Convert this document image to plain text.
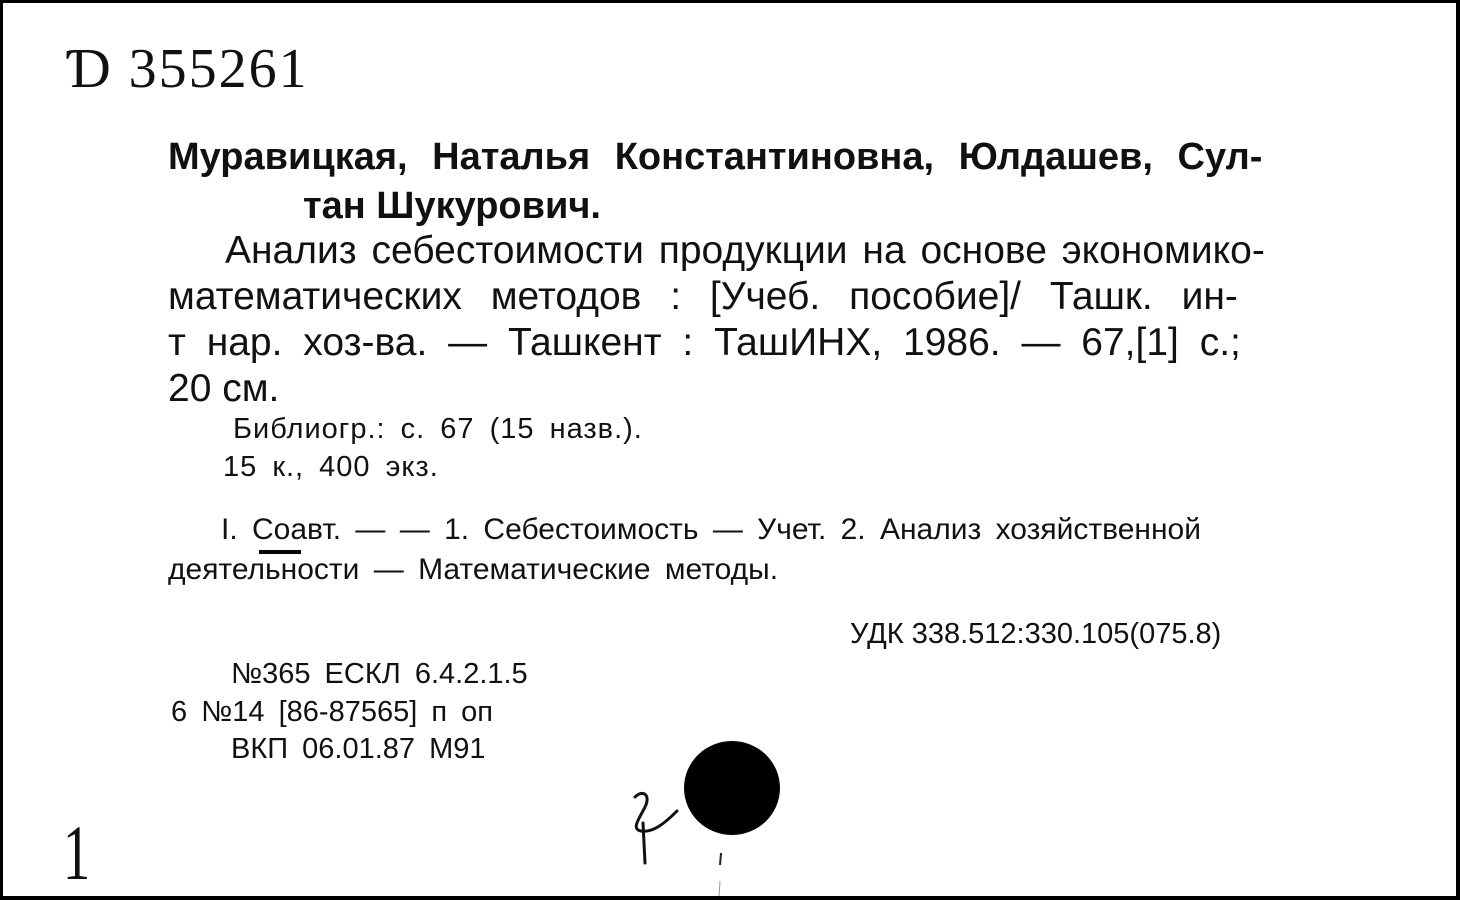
Ɗ 355261
Муравицкая, Наталья Константиновна, Юлдашев, Сул-
тан Шукурович.
Анализ себестоимости продукции на основе экономико-
математических методов : [Учеб. пособие]/ Ташк. ин-
т нар. хоз-ва. — Ташкент : ТашИНХ, 1986. — 67,[1] с.;
20 см.
Библиогр.: с. 67 (15 назв.).
15 к., 400 экз.
I. Соавт. — — 1. Себестоимость — Учет. 2. Анализ хозяйственной
деятельности — Математические методы.
УДК 338.512:330.105(075.8)
№365 ЕСКЛ 6.4.2.1.5
6 №14 [86-87565] п оп
ВКП 06.01.87 М91
1
